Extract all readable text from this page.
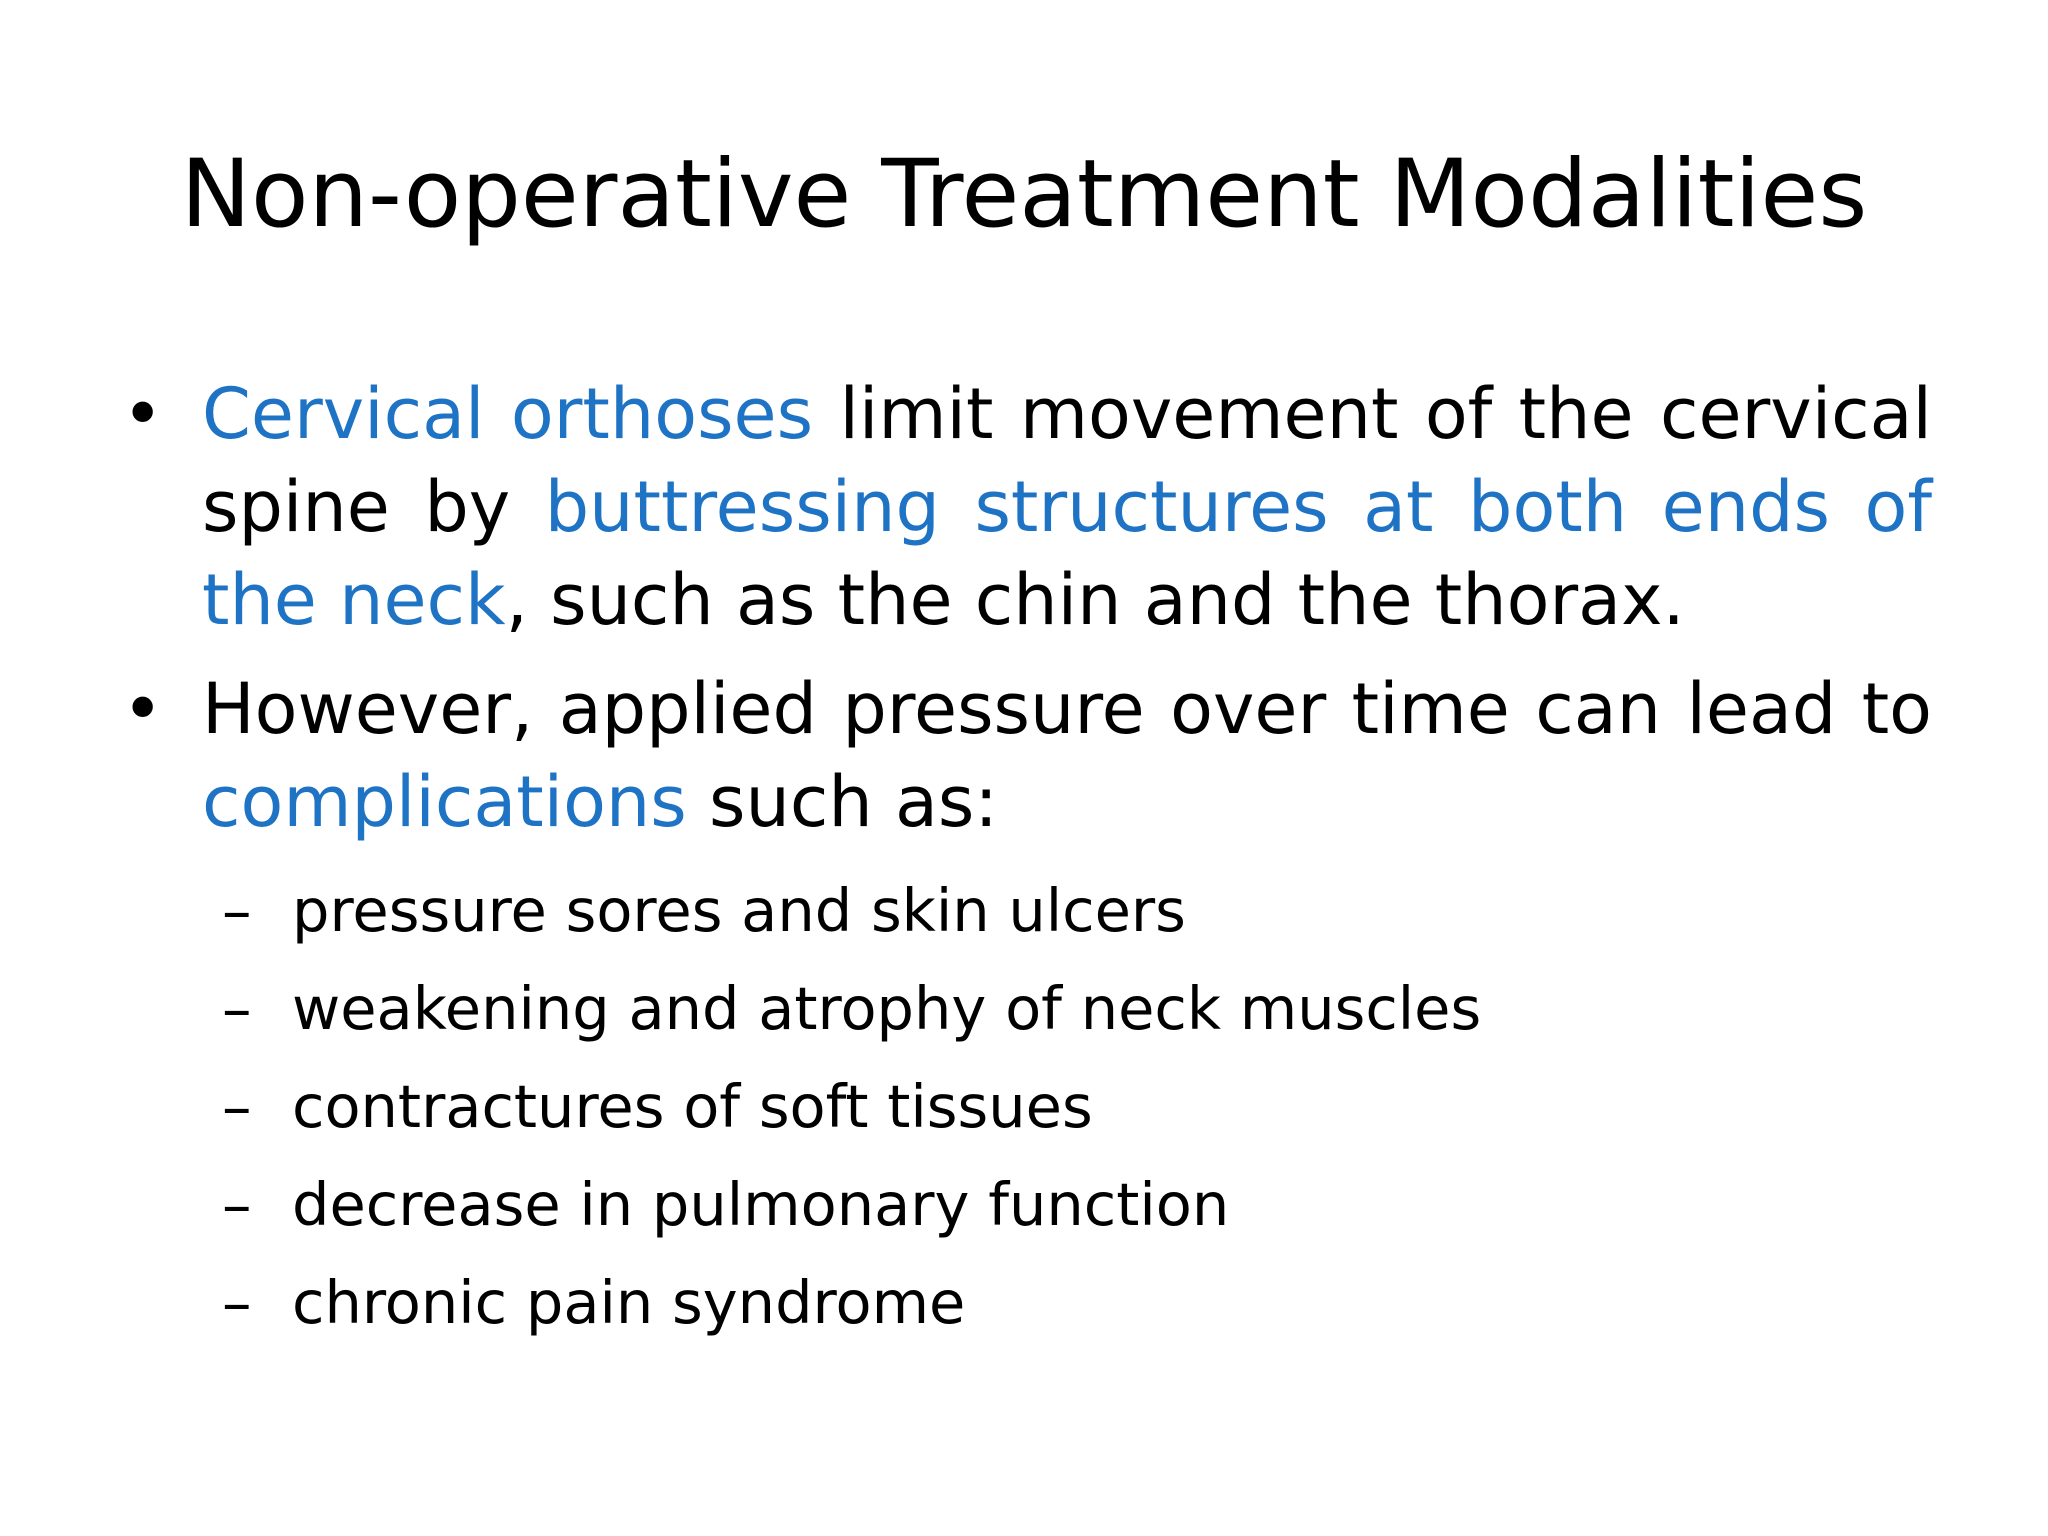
Non-operative Treatment Modalities
• Cervical orthoses limit movement of the cervical spine by buttressing structures at both ends of the neck, such as the chin and the thorax.
• However, applied pressure over time can lead to complications such as:
– pressure sores and skin ulcers
– weakening and atrophy of neck muscles
– contractures of soft tissues
– decrease in pulmonary function
– chronic pain syndrome
